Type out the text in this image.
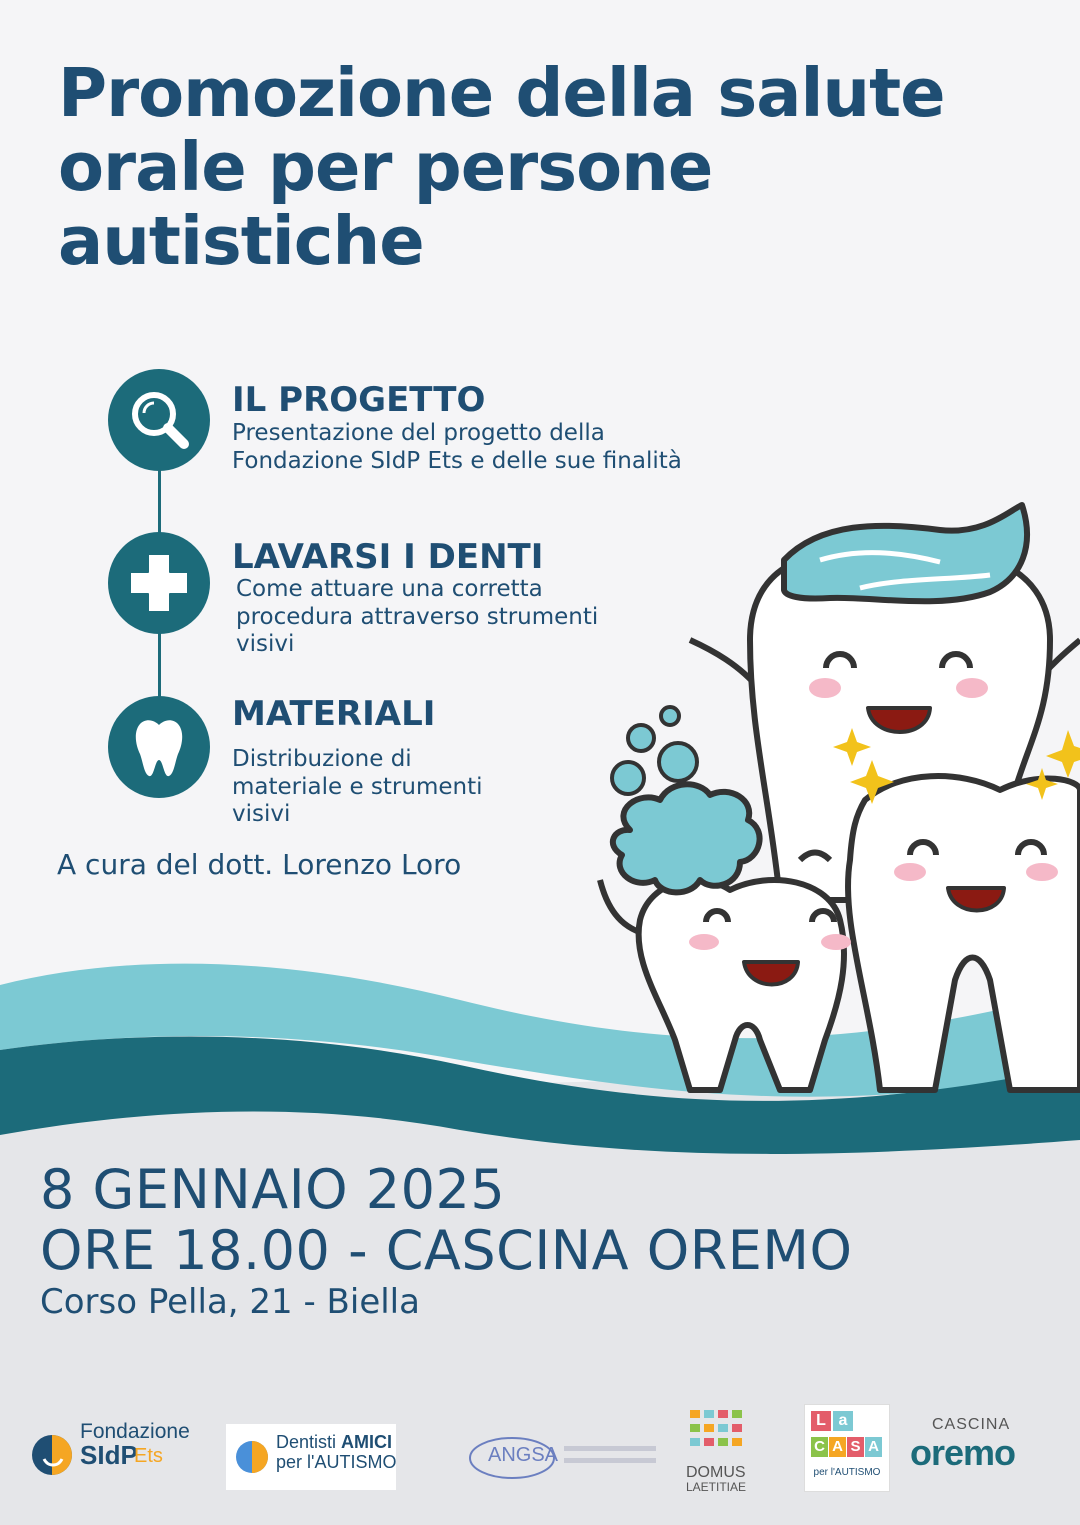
Promozione della salute
orale per persone
autistiche
IL PROGETTO

Presentazione del progetto della
Fondazione SIdP Ets e delle sue finalità

LAVARSI I DENTI

Come attuare una corretta
procedura attraverso strumenti
visivi

MATERIALI

Distribuzione di
materiale e strumenti
visivi

A cura del dott. Lorenzo Loro

8 GENNAIO 2025
ORE 18.00 - CASCINA OREMO

Corso Pella, 21 - Biella

Fondazione
SIdP
Ets
Dentisti AMICI
per l'AUTISMO	ANGSA
DOMUS
LAETITIAE
L a
C A S A
per l'AUTISMO
CASCINA
oremo
